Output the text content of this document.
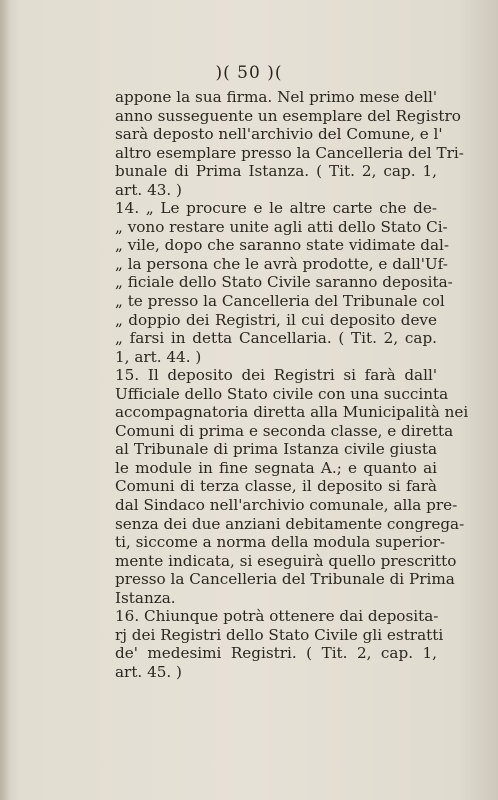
)( 50 )(
appone la sua firma. Nel primo mese dell'
anno susseguente un esemplare del Registro
sarà deposto nell'archivio del Comune, e l'
altro esemplare presso la Cancelleria del Tri-
bunale di Prima Istanza. ( Tit. 2, cap. 1,
art. 43. )
14. „ Le procure e le altre carte che de-
„ vono restare unite agli atti dello Stato Ci-
„ vile, dopo che saranno state vidimate dal-
„ la persona che le avrà prodotte, e dall'Uf-
„ ficiale dello Stato Civile saranno deposita-
„ te presso la Cancelleria del Tribunale col
„ doppio dei Registri, il cui deposito deve
„ farsi in detta Cancellaria. ( Tit. 2, cap.
1, art. 44. )
15. Il deposito dei Registri si farà dall'
Ufficiale dello Stato civile con una succinta
accompagnatoria diretta alla Municipalità nei
Comuni di prima e seconda classe, e diretta
al Tribunale di prima Istanza civile giusta
le module in fine segnata A.; e quanto ai
Comuni di terza classe, il deposito si farà
dal Sindaco nell'archivio comunale, alla pre-
senza dei due anziani debitamente congrega-
ti, siccome a norma della modula superior-
mente indicata, si eseguirà quello prescritto
presso la Cancelleria del Tribunale di Prima
Istanza.
16. Chiunque potrà ottenere dai deposita-
rj dei Registri dello Stato Civile gli estratti
de' medesimi Registri. ( Tit. 2, cap. 1,
art. 45. )
